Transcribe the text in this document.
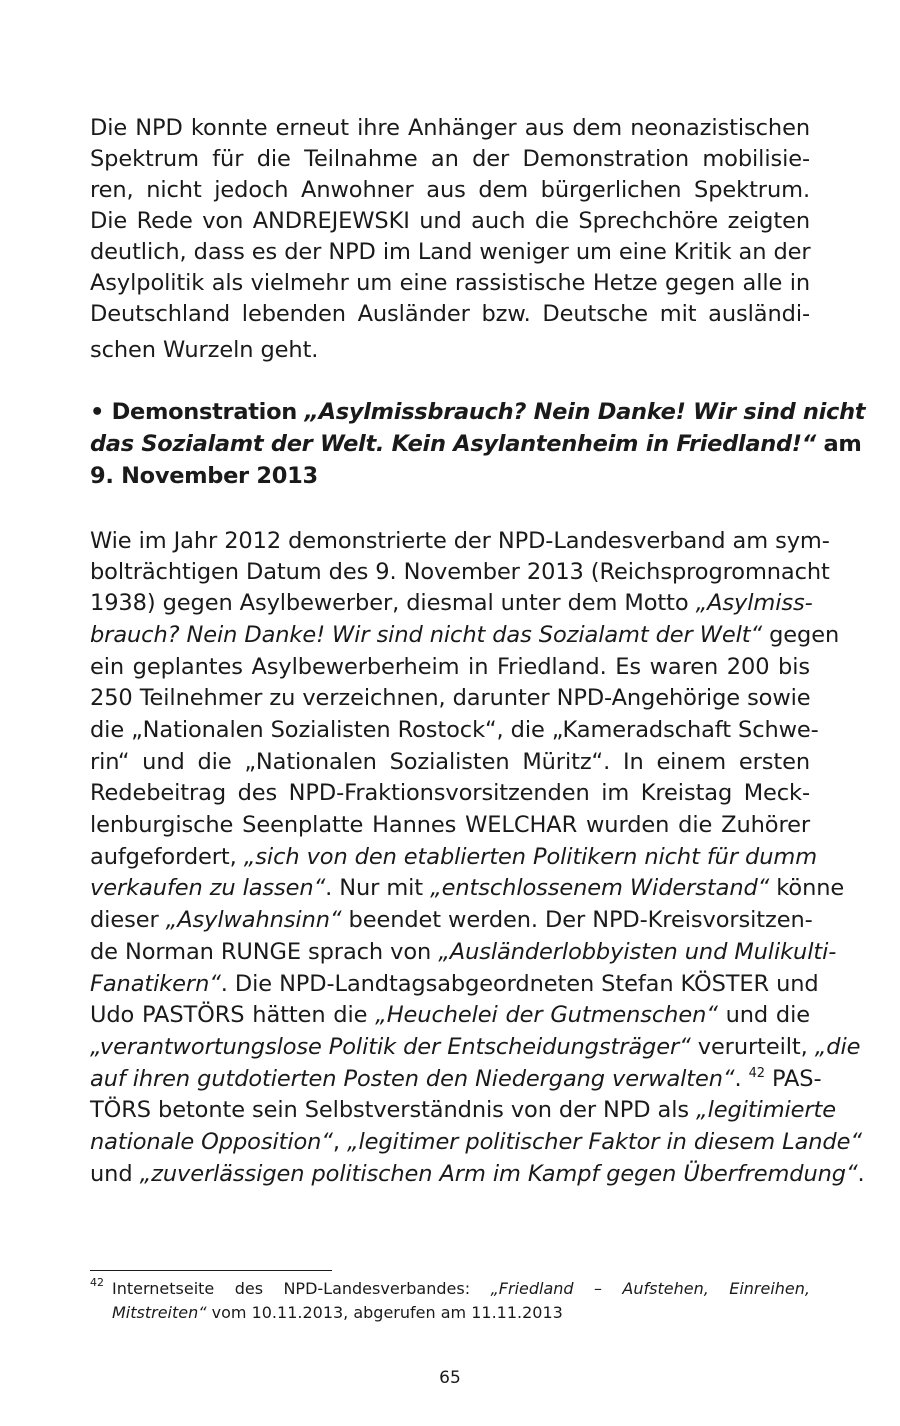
Die NPD konnte erneut ihre Anhänger aus dem neonazistischen
Spektrum für die Teilnahme an der Demonstration mobilisie-
ren, nicht jedoch Anwohner aus dem bürgerlichen Spektrum.
Die Rede von ANDREJEWSKI und auch die Sprechchöre zeigten
deutlich, dass es der NPD im Land weniger um eine Kritik an der
Asylpolitik als vielmehr um eine rassistische Hetze gegen alle in
Deutschland lebenden Ausländer bzw. Deutsche mit ausländi-
schen Wurzeln geht.
• Demonstration „Asylmissbrauch? Nein Danke! Wir sind nicht
das Sozialamt der Welt. Kein Asylantenheim in Friedland!“ am
9. November 2013
Wie im Jahr 2012 demonstrierte der NPD-Landesverband am sym-
bolträchtigen Datum des 9. November 2013 (Reichsprogromnacht
1938) gegen Asylbewerber, diesmal unter dem Motto „Asylmiss-
brauch? Nein Danke! Wir sind nicht das Sozialamt der Welt“ gegen
ein geplantes Asylbewerberheim in Friedland. Es waren 200 bis
250 Teilnehmer zu verzeichnen, darunter NPD-Angehörige sowie
die „Nationalen Sozialisten Rostock“, die „Kameradschaft Schwe-
rin“ und die „Nationalen Sozialisten Müritz“. In einem ersten
Redebeitrag des NPD-Fraktionsvorsitzenden im Kreistag Meck-
lenburgische Seenplatte Hannes WELCHAR wurden die Zuhörer
aufgefordert, „sich von den etablierten Politikern nicht für dumm
verkaufen zu lassen“. Nur mit „entschlossenem Widerstand“ könne
dieser „Asylwahnsinn“ beendet werden. Der NPD-Kreisvorsitzen-
de Norman RUNGE sprach von „Ausländerlobbyisten und Mulikulti-
Fanatikern“. Die NPD-Landtagsabgeordneten Stefan KÖSTER und
Udo PASTÖRS hätten die „Heuchelei der Gutmenschen“ und die
„verantwortungslose Politik der Entscheidungsträger“ verurteilt, „die
auf ihren gutdotierten Posten den Niedergang verwalten“. $^{42}$ PAS-
TÖRS betonte sein Selbstverständnis von der NPD als „legitimierte
nationale Opposition“, „legitimer politischer Faktor in diesem Lande“
und „zuverlässigen politischen Arm im Kampf gegen Überfremdung“.
42 Internetseite des NPD-Landesverbandes: „Friedland – Aufstehen, Einreihen,
Mitstreiten“ vom 10.11.2013, abgerufen am 11.11.2013
65
